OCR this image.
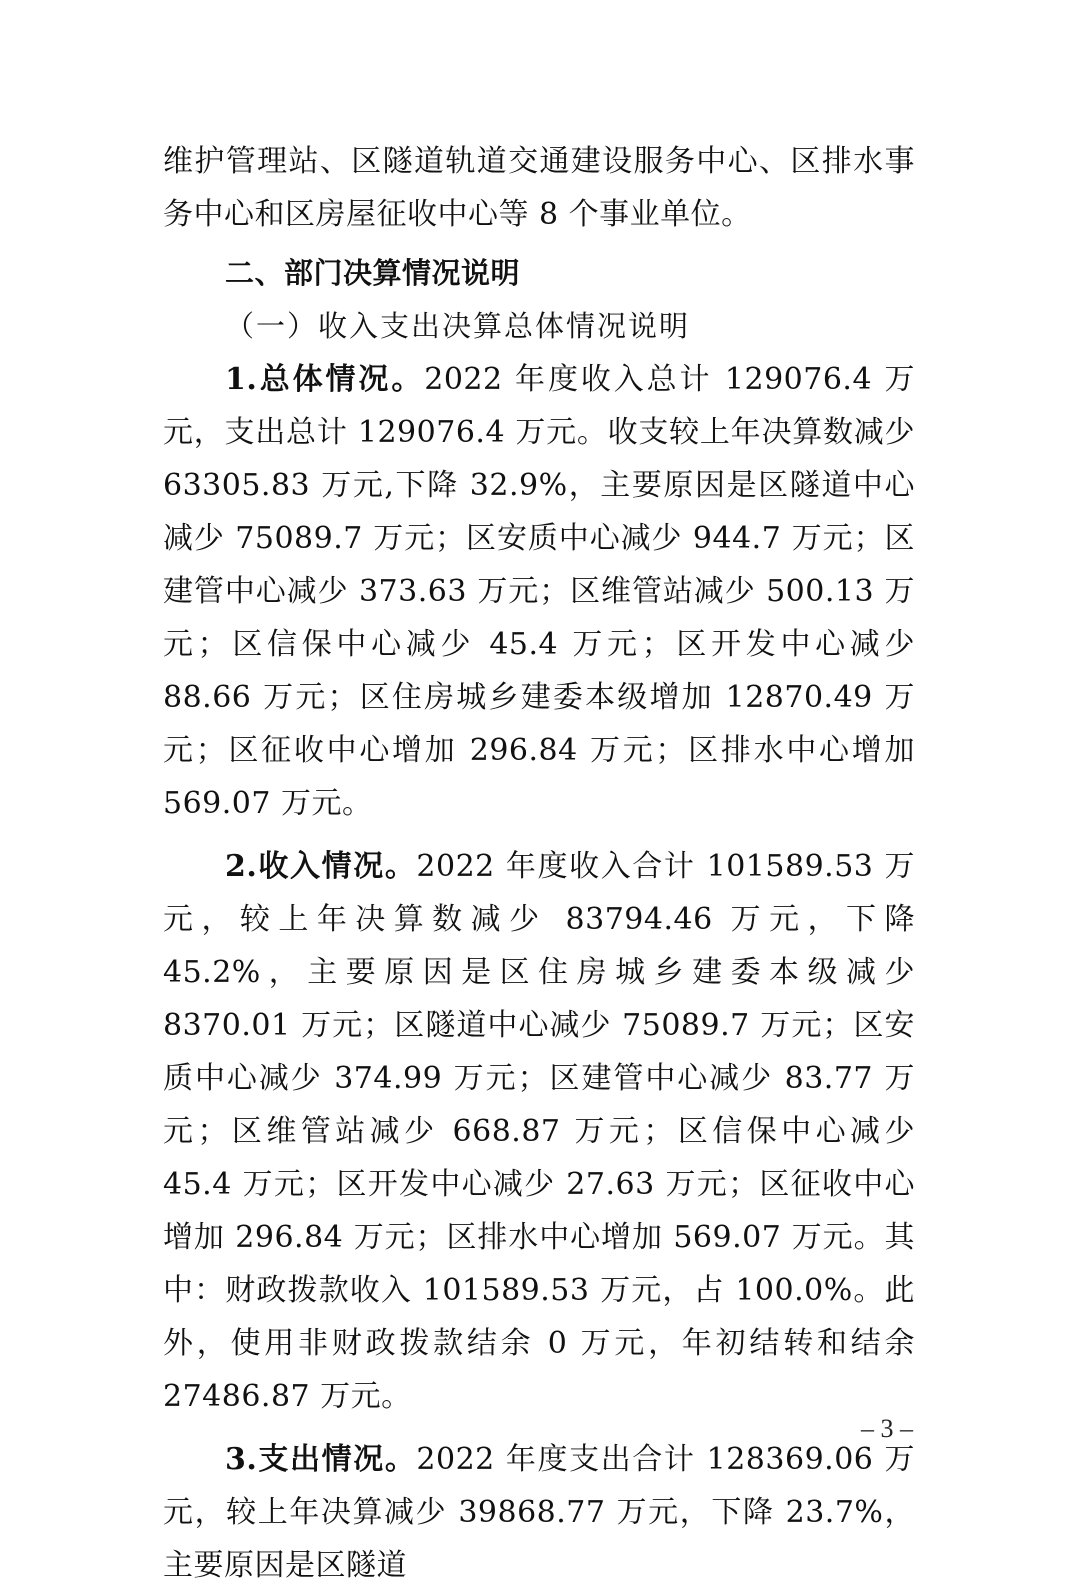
维护管理站、区隧道轨道交通建设服务中心、区排水事务中心和区房屋征收中心等 8 个事业单位。

二、部门决算情况说明

（一）收入支出决算总体情况说明

1.总体情况。2022 年度收入总计 129076.4 万元，支出总计 129076.4 万元。收支较上年决算数减少 63305.83 万元,下降 32.9%，主要原因是区隧道中心减少 75089.7 万元；区安质中心减少 944.7 万元；区建管中心减少 373.63 万元；区维管站减少 500.13 万元；区信保中心减少 45.4 万元；区开发中心减少 88.66 万元；区住房城乡建委本级增加 12870.49 万元；区征收中心增加 296.84 万元；区排水中心增加 569.07 万元。

2.收入情况。2022 年度收入合计 101589.53 万元，较上年决算数减少 83794.46 万元，下降 45.2%，主要原因是区住房城乡建委本级减少 8370.01 万元；区隧道中心减少 75089.7 万元；区安质中心减少 374.99 万元；区建管中心减少 83.77 万元；区维管站减少 668.87 万元；区信保中心减少 45.4 万元；区开发中心减少 27.63 万元；区征收中心增加 296.84 万元；区排水中心增加 569.07 万元。其中：财政拨款收入 101589.53 万元，占 100.0%。此外，使用非财政拨款结余 0 万元，年初结转和结余 27486.87 万元。

3.支出情况。2022 年度支出合计 128369.06 万元，较上年决算减少 39868.77 万元，下降 23.7%，主要原因是区隧道

– 3 –
